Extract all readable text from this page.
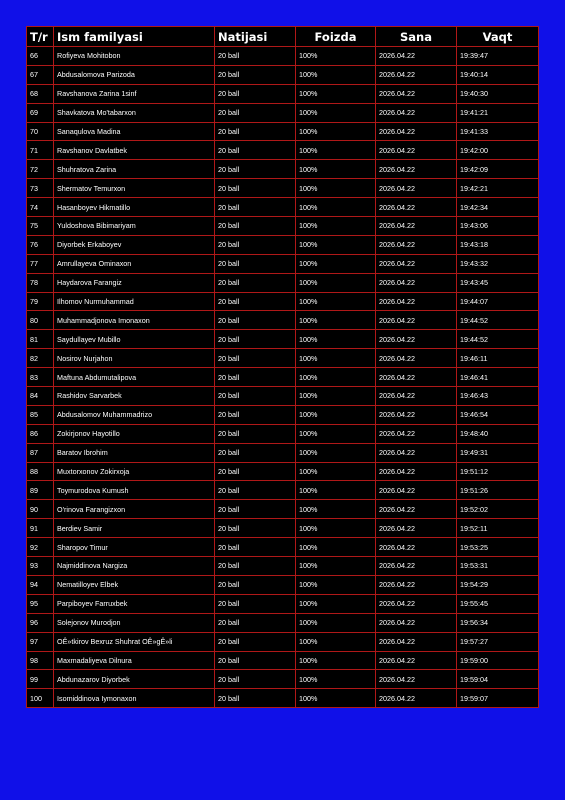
T/r	Ism familyasi	Natijasi	Foizda	Sana	Vaqt
66	Rofiyeva Mohitobon	20 ball	100%	2026.04.22	19:39:47
67	Abdusalomova Parizoda	20 ball	100%	2026.04.22	19:40:14
68	Ravshanova Zarina 1sinf	20 ball	100%	2026.04.22	19:40:30
69	Shavkatova Mo'tabarxon	20 ball	100%	2026.04.22	19:41:21
70	Sanaqulova Madina	20 ball	100%	2026.04.22	19:41:33
71	Ravshanov Davlatbek	20 ball	100%	2026.04.22	19:42:00
72	Shuhratova Zarina	20 ball	100%	2026.04.22	19:42:09
73	Shermatov Temurxon	20 ball	100%	2026.04.22	19:42:21
74	Hasanboyev Hikmatillo	20 ball	100%	2026.04.22	19:42:34
75	Yuldoshova Bibimariyam	20 ball	100%	2026.04.22	19:43:06
76	Diyorbek Erkaboyev	20 ball	100%	2026.04.22	19:43:18
77	Amrullayeva Ominaxon	20 ball	100%	2026.04.22	19:43:32
78	Haydarova Farangiz	20 ball	100%	2026.04.22	19:43:45
79	Ilhomov Nurmuhammad	20 ball	100%	2026.04.22	19:44:07
80	Muhammadjonova Imonaxon	20 ball	100%	2026.04.22	19:44:52
81	Saydullayev Mubillo	20 ball	100%	2026.04.22	19:44:52
82	Nosirov Nurjahon	20 ball	100%	2026.04.22	19:46:11
83	Maftuna Abdumutalipova	20 ball	100%	2026.04.22	19:46:41
84	Rashidov Sarvarbek	20 ball	100%	2026.04.22	19:46:43
85	Abdusalomov Muhammadrizo	20 ball	100%	2026.04.22	19:46:54
86	Zokirjonov Hayotillo	20 ball	100%	2026.04.22	19:48:40
87	Baratov Ibrohim	20 ball	100%	2026.04.22	19:49:31
88	Muxtorxonov Zokirxoja	20 ball	100%	2026.04.22	19:51:12
89	Toymurodova Kumush	20 ball	100%	2026.04.22	19:51:26
90	O'rinova Farangizxon	20 ball	100%	2026.04.22	19:52:02
91	Berdiev Samir	20 ball	100%	2026.04.22	19:52:11
92	Sharopov Timur	20 ball	100%	2026.04.22	19:53:25
93	Najmiddinova Nargiza	20 ball	100%	2026.04.22	19:53:31
94	Nematilloyev Elbek	20 ball	100%	2026.04.22	19:54:29
95	Parpiboyev Farruxbek	20 ball	100%	2026.04.22	19:55:45
96	Solejonov Murodjon	20 ball	100%	2026.04.22	19:56:34
97	OÊ»tkirov Bexruz Shuhrat OÊ»gÊ»li	20 ball	100%	2026.04.22	19:57:27
98	Maxmadaliyeva Dilnura	20 ball	100%	2026.04.22	19:59:00
99	Abdunazarov Diyorbek	20 ball	100%	2026.04.22	19:59:04
100	Isomiddinova Iymonaxon	20 ball	100%	2026.04.22	19:59:07
